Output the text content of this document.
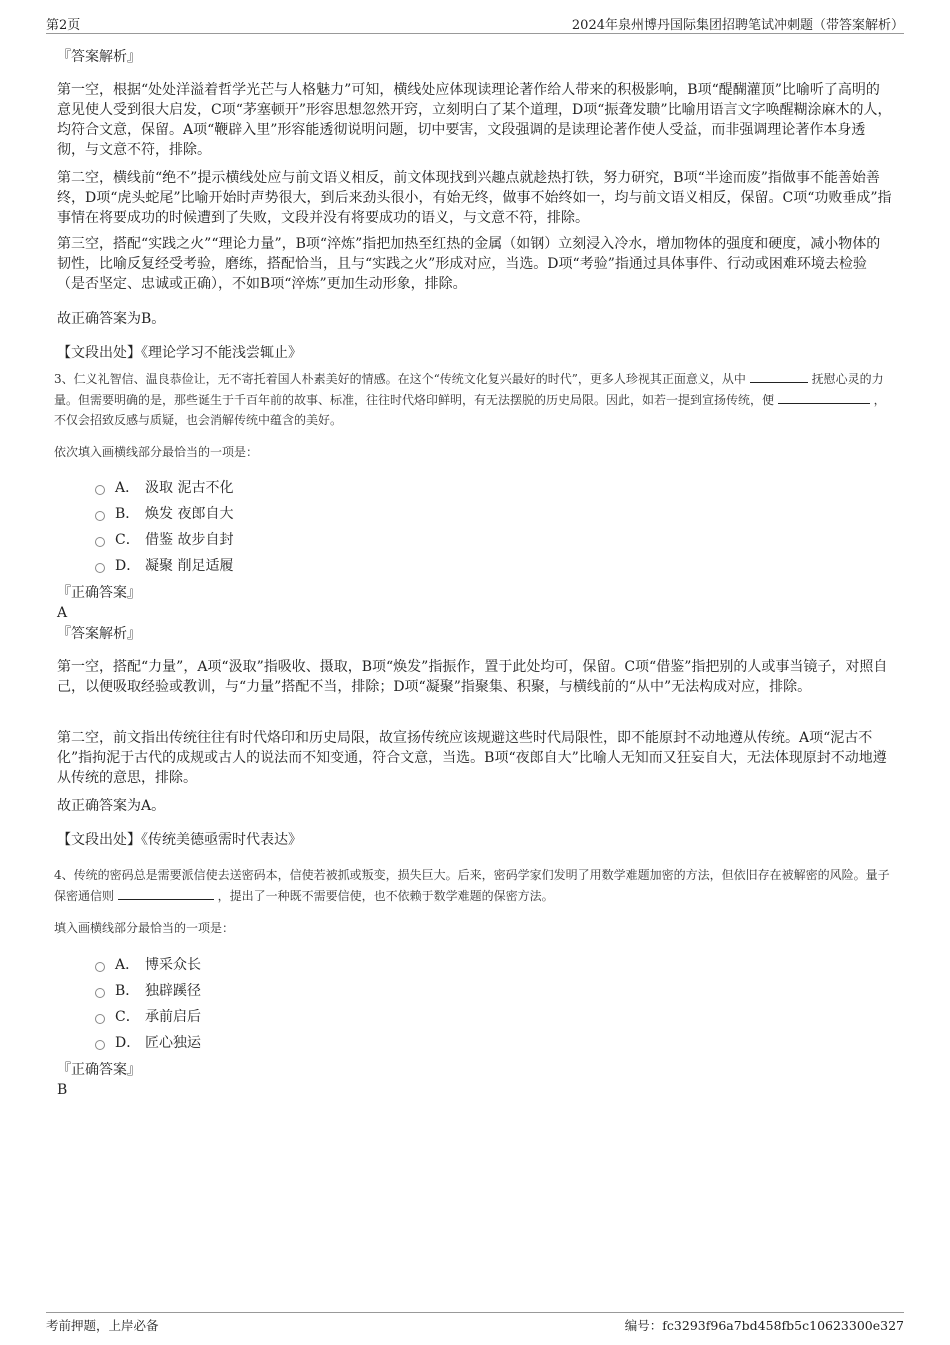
第2页	2024年泉州博丹国际集团招聘笔试冲刺题（带答案解析）
『答案解析』

第一空，根据“处处洋溢着哲学光芒与人格魅力”可知，横线处应体现读理论著作给人带来的积极影响，B项“醍醐灌顶”比喻听了高明的意见使人受到很大启发，C项“茅塞顿开”形容思想忽然开窍，立刻明白了某个道理，D项“振聋发聩”比喻用语言文字唤醒糊涂麻木的人，均符合文意，保留。A项“鞭辟入里”形容能透彻说明问题，切中要害，文段强调的是读理论著作使人受益，而非强调理论著作本身透彻，与文意不符，排除。

第二空，横线前“绝不”提示横线处应与前文语义相反，前文体现找到兴趣点就趁热打铁，努力研究，B项“半途而废”指做事不能善始善终，D项“虎头蛇尾”比喻开始时声势很大，到后来劲头很小，有始无终，做事不始终如一，均与前文语义相反，保留。C项“功败垂成”指事情在将要成功的时候遭到了失败，文段并没有将要成功的语义，与文意不符，排除。

第三空，搭配“实践之火”“理论力量”，B项“淬炼”指把加热至红热的金属（如钢）立刻浸入冷水，增加物体的强度和硬度，减小物体的韧性，比喻反复经受考验，磨练，搭配恰当，且与“实践之火”形成对应，当选。D项“考验”指通过具体事件、行动或困难环境去检验（是否坚定、忠诚或正确），不如B项“淬炼”更加生动形象，排除。

故正确答案为B。

【文段出处】《理论学习不能浅尝辄止》

3、仁义礼智信、温良恭俭让，无不寄托着国人朴素美好的情感。在这个“传统文化复兴最好的时代”，更多人珍视其正面意义，从中	抚慰心灵的力量。但需要明确的是，那些诞生于千百年前的故事、标准，往往时代烙印鲜明，有无法摆脱的历史局限。因此，如若一提到宣扬传统，便	，不仅会招致反感与质疑，也会消解传统中蕴含的美好。
依次填入画横线部分最恰当的一项是：
A． 汲取 泥古不化
B． 焕发 夜郎自大
C． 借鉴 故步自封
D． 凝聚 削足适履
『正确答案』
A
『答案解析』

第一空，搭配“力量”，A项“汲取”指吸收、摄取，B项“焕发”指振作，置于此处均可，保留。C项“借鉴”指把别的人或事当镜子，对照自己，以便吸取经验或教训，与“力量”搭配不当，排除；D项“凝聚”指聚集、积聚，与横线前的“从中”无法构成对应，排除。

第二空，前文指出传统往往有时代烙印和历史局限，故宣扬传统应该规避这些时代局限性，即不能原封不动地遵从传统。A项“泥古不化”指拘泥于古代的成规或古人的说法而不知变通，符合文意，当选。B项“夜郎自大”比喻人无知而又狂妄自大，无法体现原封不动地遵从传统的意思，排除。

故正确答案为A。

【文段出处】《传统美德亟需时代表达》

4、传统的密码总是需要派信使去送密码本，信使若被抓或叛变，损失巨大。后来，密码学家们发明了用数学难题加密的方法，但依旧存在被解密的风险。量子保密通信则	，提出了一种既不需要信使，也不依赖于数学难题的保密方法。
填入画横线部分最恰当的一项是：
A． 博采众长
B． 独辟蹊径
C． 承前启后
D． 匠心独运
『正确答案』
B
考前押题，上岸必备	编号：fc3293f96a7bd458fb5c10623300e327
